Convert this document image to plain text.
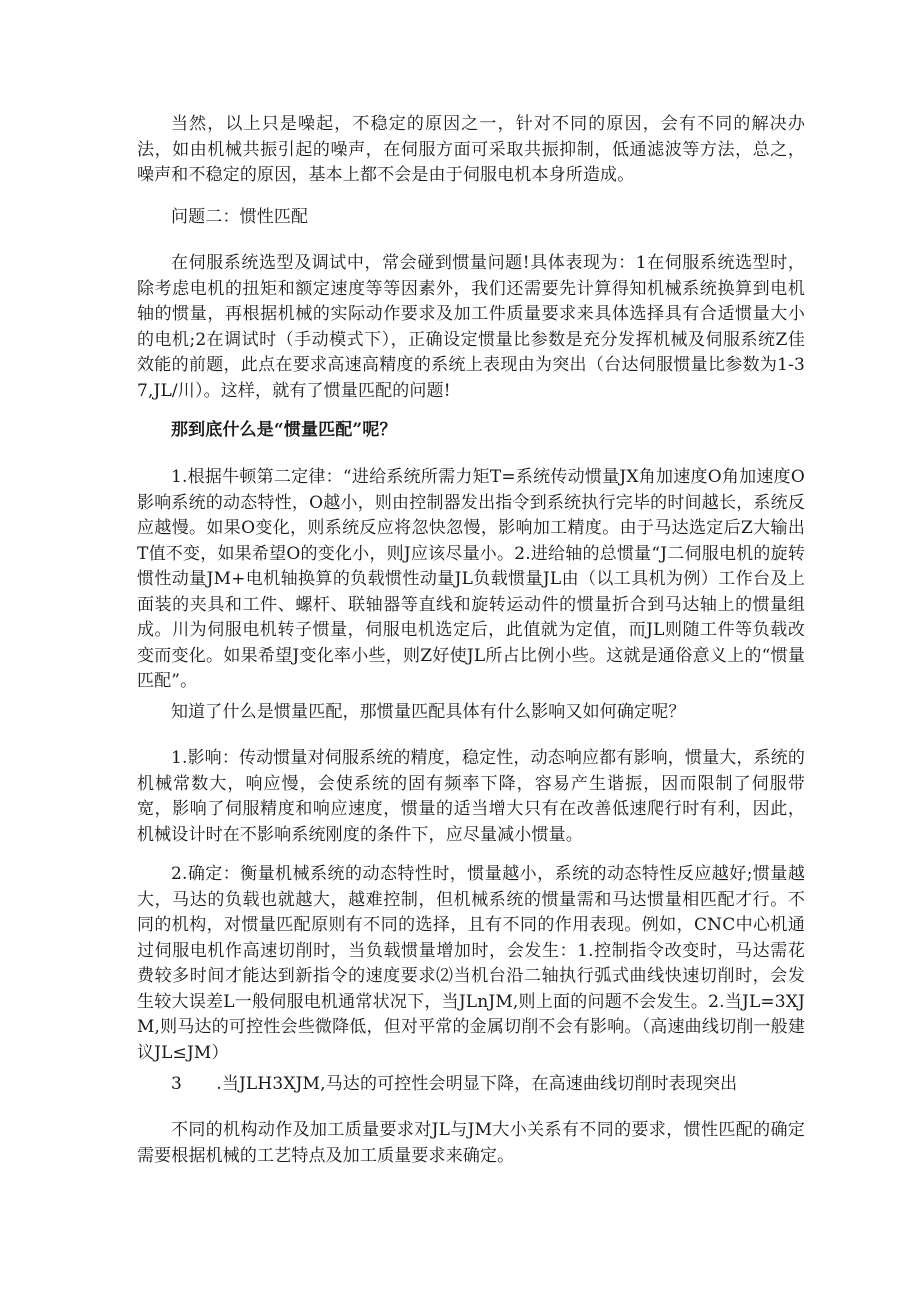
当然，以上只是噪起，不稳定的原因之一，针对不同的原因，会有不同的解决办法，如由机械共振引起的噪声，在伺服方面可采取共振抑制，低通滤波等方法，总之，噪声和不稳定的原因，基本上都不会是由于伺服电机本身所造成。

问题二：惯性匹配

在伺服系统选型及调试中，常会碰到惯量问题!具体表现为：1在伺服系统选型时，除考虑电机的扭矩和额定速度等等因素外，我们还需要先计算得知机械系统换算到电机轴的惯量，再根据机械的实际动作要求及加工件质量要求来具体选择具有合适惯量大小的电机;2在调试时（手动模式下），正确设定惯量比参数是充分发挥机械及伺服系统Z佳效能的前题，此点在要求高速高精度的系统上表现由为突出（台达伺服惯量比参数为1-37,JL/川）。这样，就有了惯量匹配的问题!

那到底什么是“惯量匹配”呢？

1.根据牛顿第二定律：“进给系统所需力矩T=系统传动惯量JX角加速度O角加速度O影响系统的动态特性，O越小，则由控制器发出指令到系统执行完毕的时间越长，系统反应越慢。如果O变化，则系统反应将忽快忽慢，影响加工精度。由于马达选定后Z大输出T值不变，如果希望O的变化小，则J应该尽量小。2.进给轴的总惯量“J二伺服电机的旋转惯性动量JM+电机轴换算的负载惯性动量JL负载惯量JL由（以工具机为例）工作台及上面装的夹具和工件、螺杆、联轴器等直线和旋转运动件的惯量折合到马达轴上的惯量组成。川为伺服电机转子惯量，伺服电机选定后，此值就为定值，而JL则随工件等负载改变而变化。如果希望J变化率小些，则Z好使JL所占比例小些。这就是通俗意义上的“惯量匹配”。

知道了什么是惯量匹配，那惯量匹配具体有什么影响又如何确定呢？

1.影响：传动惯量对伺服系统的精度，稳定性，动态响应都有影响，惯量大，系统的机械常数大，响应慢，会使系统的固有频率下降，容易产生谐振，因而限制了伺服带宽，影响了伺服精度和响应速度，惯量的适当增大只有在改善低速爬行时有利，因此，机械设计时在不影响系统刚度的条件下，应尽量减小惯量。

2.确定：衡量机械系统的动态特性时，惯量越小，系统的动态特性反应越好;惯量越大，马达的负载也就越大，越难控制，但机械系统的惯量需和马达惯量相匹配才行。不同的机构，对惯量匹配原则有不同的选择，且有不同的作用表现。例如，CNC中心机通过伺服电机作高速切削时，当负载惯量增加时，会发生：1.控制指令改变时，马达需花费较多时间才能达到新指令的速度要求⑵当机台沿二轴执行弧式曲线快速切削时，会发生较大误差L一般伺服电机通常状况下，当JLnJM,则上面的问题不会发生。2.当JL=3XJM,则马达的可控性会些微降低，但对平常的金属切削不会有影响。（高速曲线切削一般建议JL≤JM）

3　　.当JLH3XJM,马达的可控性会明显下降，在高速曲线切削时表现突出

不同的机构动作及加工质量要求对JL与JM大小关系有不同的要求，惯性匹配的确定需要根据机械的工艺特点及加工质量要求来确定。
